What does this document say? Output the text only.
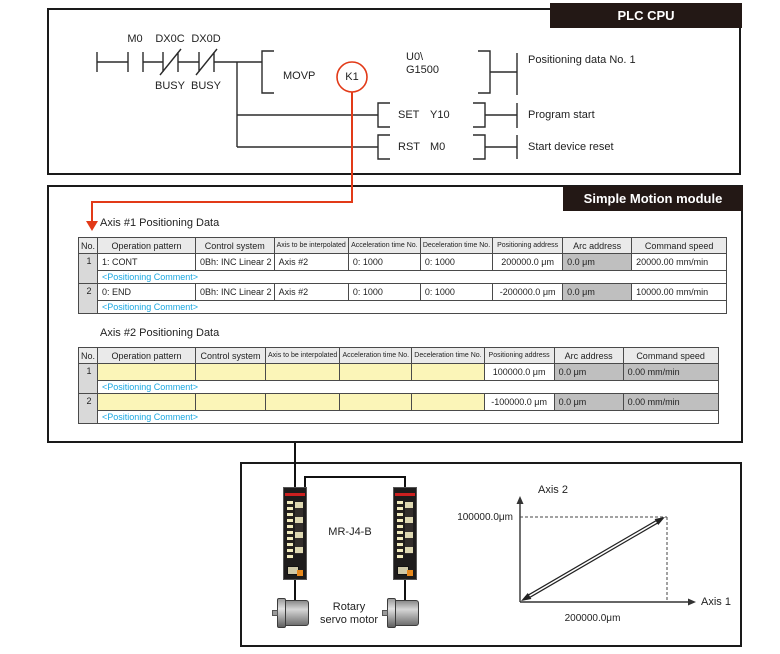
PLC CPU
Simple Motion module
M0	DX0C DX0D
BUSY BUSY
MOVP	K1
U0\
G1500
Positioning data No. 1
SET Y10	Program start
RST M0	Start device reset
Axis #1 Positioning Data
No.	Operation pattern	Control system	Axis to be interpolated	Acceleration time No.	Deceleration time No.	Positioning address	Arc address	Command speed
1	1: CONT	0Bh: INC Linear 2	Axis #2	0: 1000	0: 1000	200000.0 μm	0.0 μm	20000.00 mm/min
	<Positioning Comment>							
2	0: END	0Bh: INC Linear 2	Axis #2	0: 1000	0: 1000	-200000.0 μm	0.0 μm	10000.00 mm/min
	<Positioning Comment>							
Axis #2 Positioning Data
No.	Operation pattern	Control system	Axis to be interpolated	Acceleration time No.	Deceleration time No.	Positioning address	Arc address	Command speed
1						100000.0 μm	0.0 μm	0.00 mm/min
	<Positioning Comment>							
2						-100000.0 μm	0.0 μm	0.00 mm/min
	<Positioning Comment>							
MR-J4-B
Rotary servo motor
Axis 2
Axis 1
100000.0μm
200000.0μm
